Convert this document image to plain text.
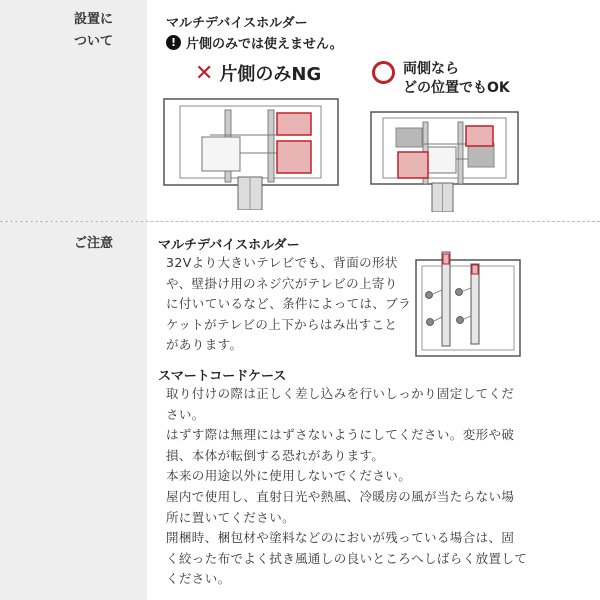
設置に
ついて
マルチデバイスホルダー
! 片側のみでは使えません。
✕ 片側のみNG	両側なら
どの位置でもOK
ご注意	マルチデバイスホルダー
32Vより大きいテレビでも、背面の形状
や、壁掛け用のネジ穴がテレビの上寄り
に付いているなど、条件によっては、ブラ
ケットがテレビの上下からはみ出すこと
があります。
スマートコードケース
取り付けの際は正しく差し込みを行いしっかり固定してくだ
さい。
はずす際は無理にはずさないようにしてください。変形や破
損、本体が転倒する恐れがあります。
本来の用途以外に使用しないでください。
屋内で使用し、直射日光や熱風、冷暖房の風が当たらない場
所に置いてください。
開梱時、梱包材や塗料などのにおいが残っている場合は、固
く絞った布でよく拭き風通しの良いところへしばらく放置して
ください。
